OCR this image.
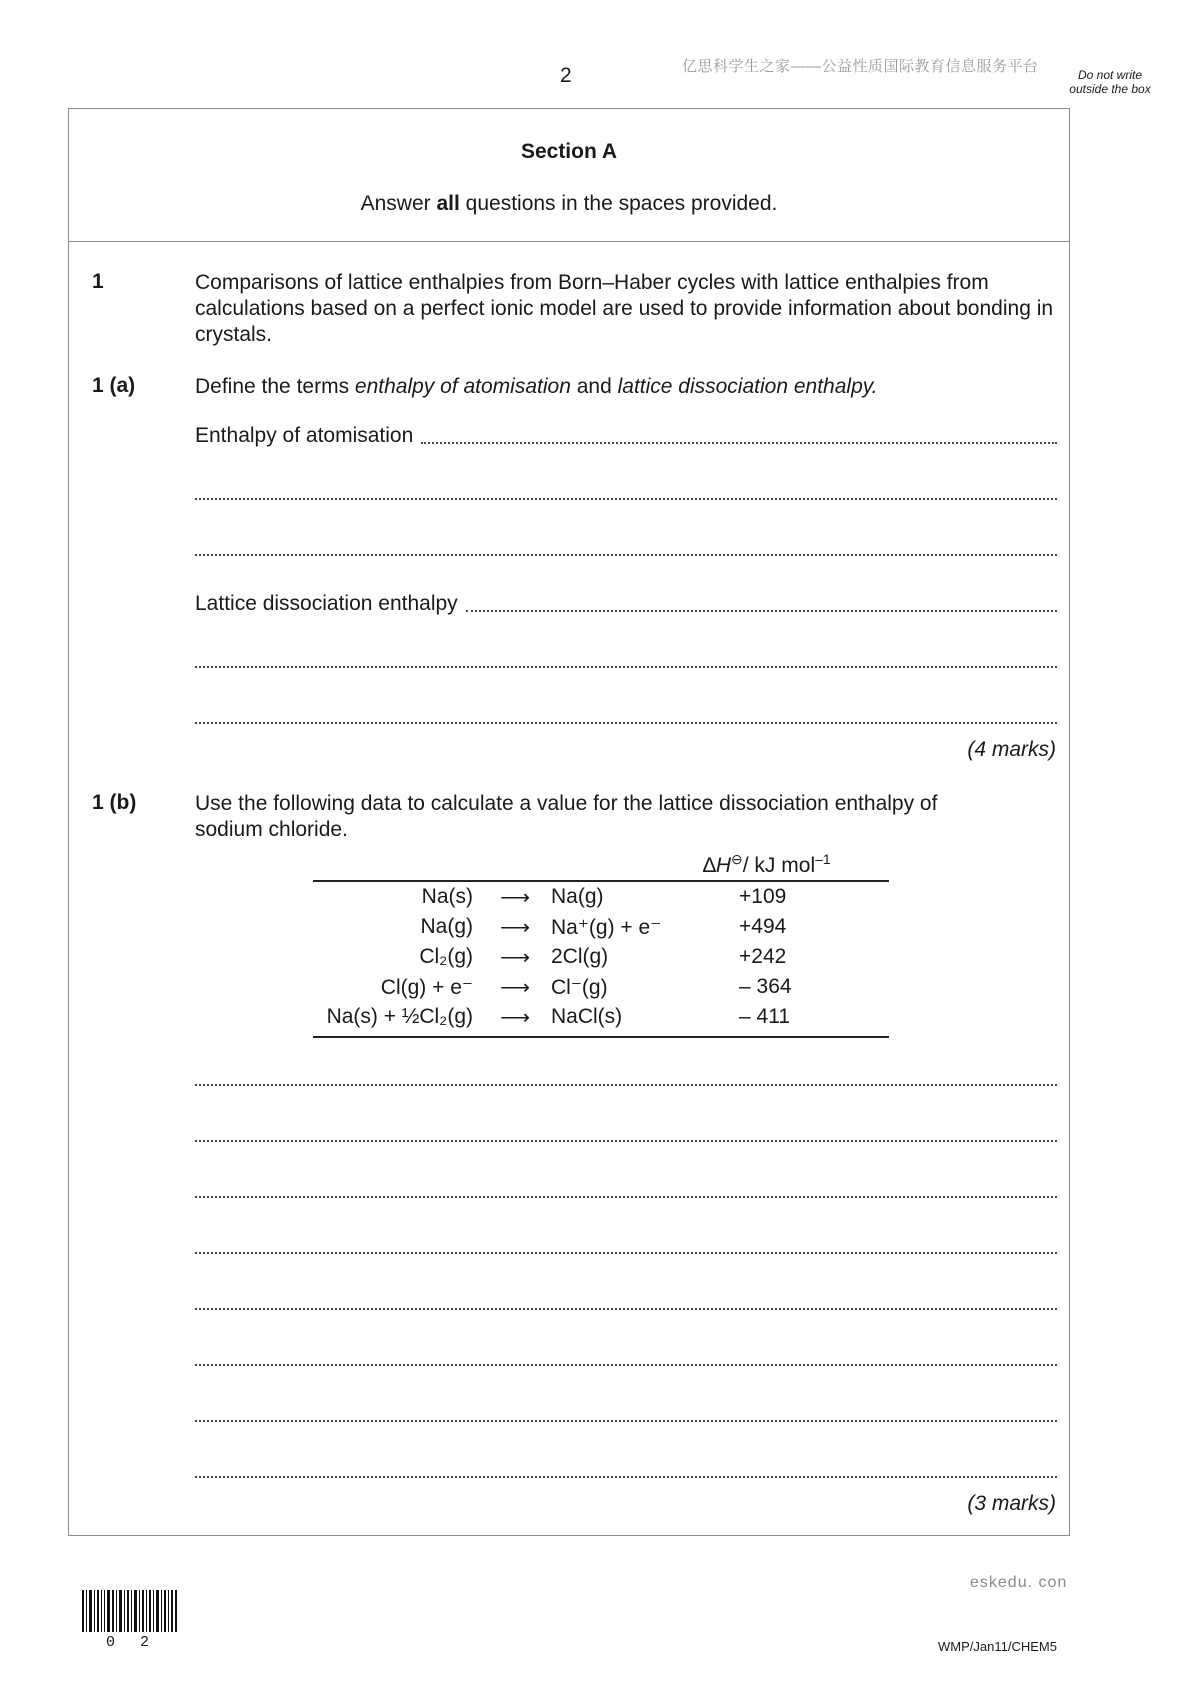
2	亿思科学生之家——公益性质国际教育信息服务平台	Do not write outside the box
Section A
Answer all questions in the spaces provided.
1	Comparisons of lattice enthalpies from Born–Haber cycles with lattice enthalpies from calculations based on a perfect ionic model are used to provide information about bonding in crystals.
1 (a)	Define the terms enthalpy of atomisation and lattice dissociation enthalpy.
Enthalpy of atomisation
Lattice dissociation enthalpy
(4 marks)
1 (b)	Use the following data to calculate a value for the lattice dissociation enthalpy of sodium chloride.
			∆H⊖/ kJ mol$^{-1}$
Na(s)	⟶	Na(g)	+109
Na(g)	⟶	Na⁺(g) + e⁻	+494
Cl₂(g)	⟶	2Cl(g)	+242
Cl(g) + e⁻	⟶	Cl⁻(g)	– 364
Na(s) + ½Cl₂(g)	⟶	NaCl(s)	– 411
(3 marks)
eskedu. con
WMP/Jan11/CHEM5
0 2
